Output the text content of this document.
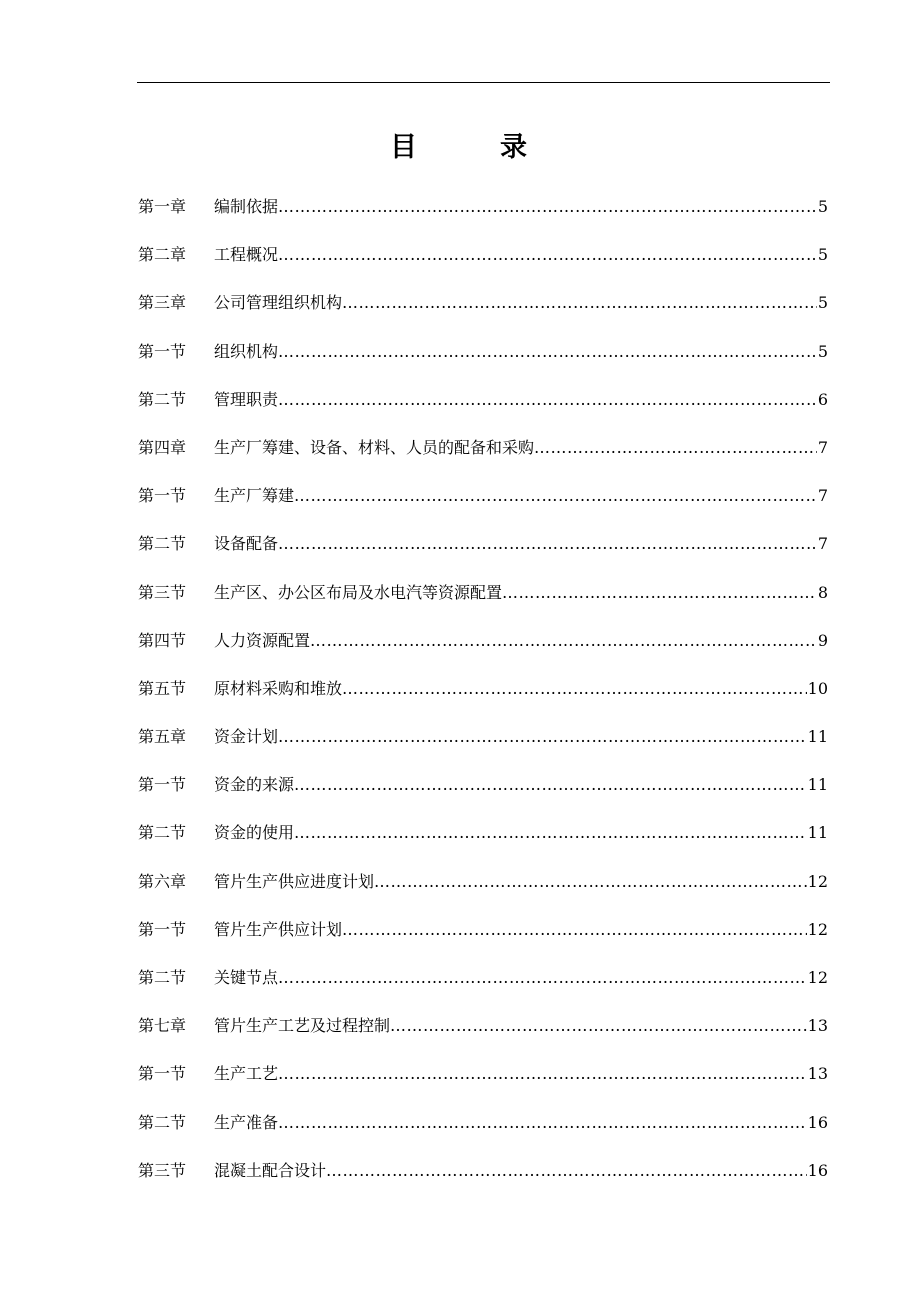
目　录
第一章	编制依据 …………………………………………………………………………………………………………………………………………………………	5
第二章	工程概况 …………………………………………………………………………………………………………………………………………………………	5
第三章	公司管理组织机构 …………………………………………………………………………………………………………………………………………………………	5
第一节	组织机构 …………………………………………………………………………………………………………………………………………………………	5
第二节	管理职责 …………………………………………………………………………………………………………………………………………………………	6
第四章	生产厂筹建、设备、材料、人员的配备和采购 …………………………………………………………………………………………………………………………………………………………	7
第一节	生产厂筹建 …………………………………………………………………………………………………………………………………………………………	7
第二节	设备配备 …………………………………………………………………………………………………………………………………………………………	7
第三节	生产区、办公区布局及水电汽等资源配置 …………………………………………………………………………………………………………………………………………………………	8
第四节	人力资源配置 …………………………………………………………………………………………………………………………………………………………	9
第五节	原材料采购和堆放 …………………………………………………………………………………………………………………………………………………………	10
第五章	资金计划 …………………………………………………………………………………………………………………………………………………………	11
第一节	资金的来源 …………………………………………………………………………………………………………………………………………………………	11
第二节	资金的使用 …………………………………………………………………………………………………………………………………………………………	11
第六章	管片生产供应进度计划 …………………………………………………………………………………………………………………………………………………………	12
第一节	管片生产供应计划 …………………………………………………………………………………………………………………………………………………………	12
第二节	关键节点 …………………………………………………………………………………………………………………………………………………………	12
第七章	管片生产工艺及过程控制 …………………………………………………………………………………………………………………………………………………………	13
第一节	生产工艺 …………………………………………………………………………………………………………………………………………………………	13
第二节	生产准备 …………………………………………………………………………………………………………………………………………………………	16
第三节	混凝土配合设计 …………………………………………………………………………………………………………………………………………………………	16
